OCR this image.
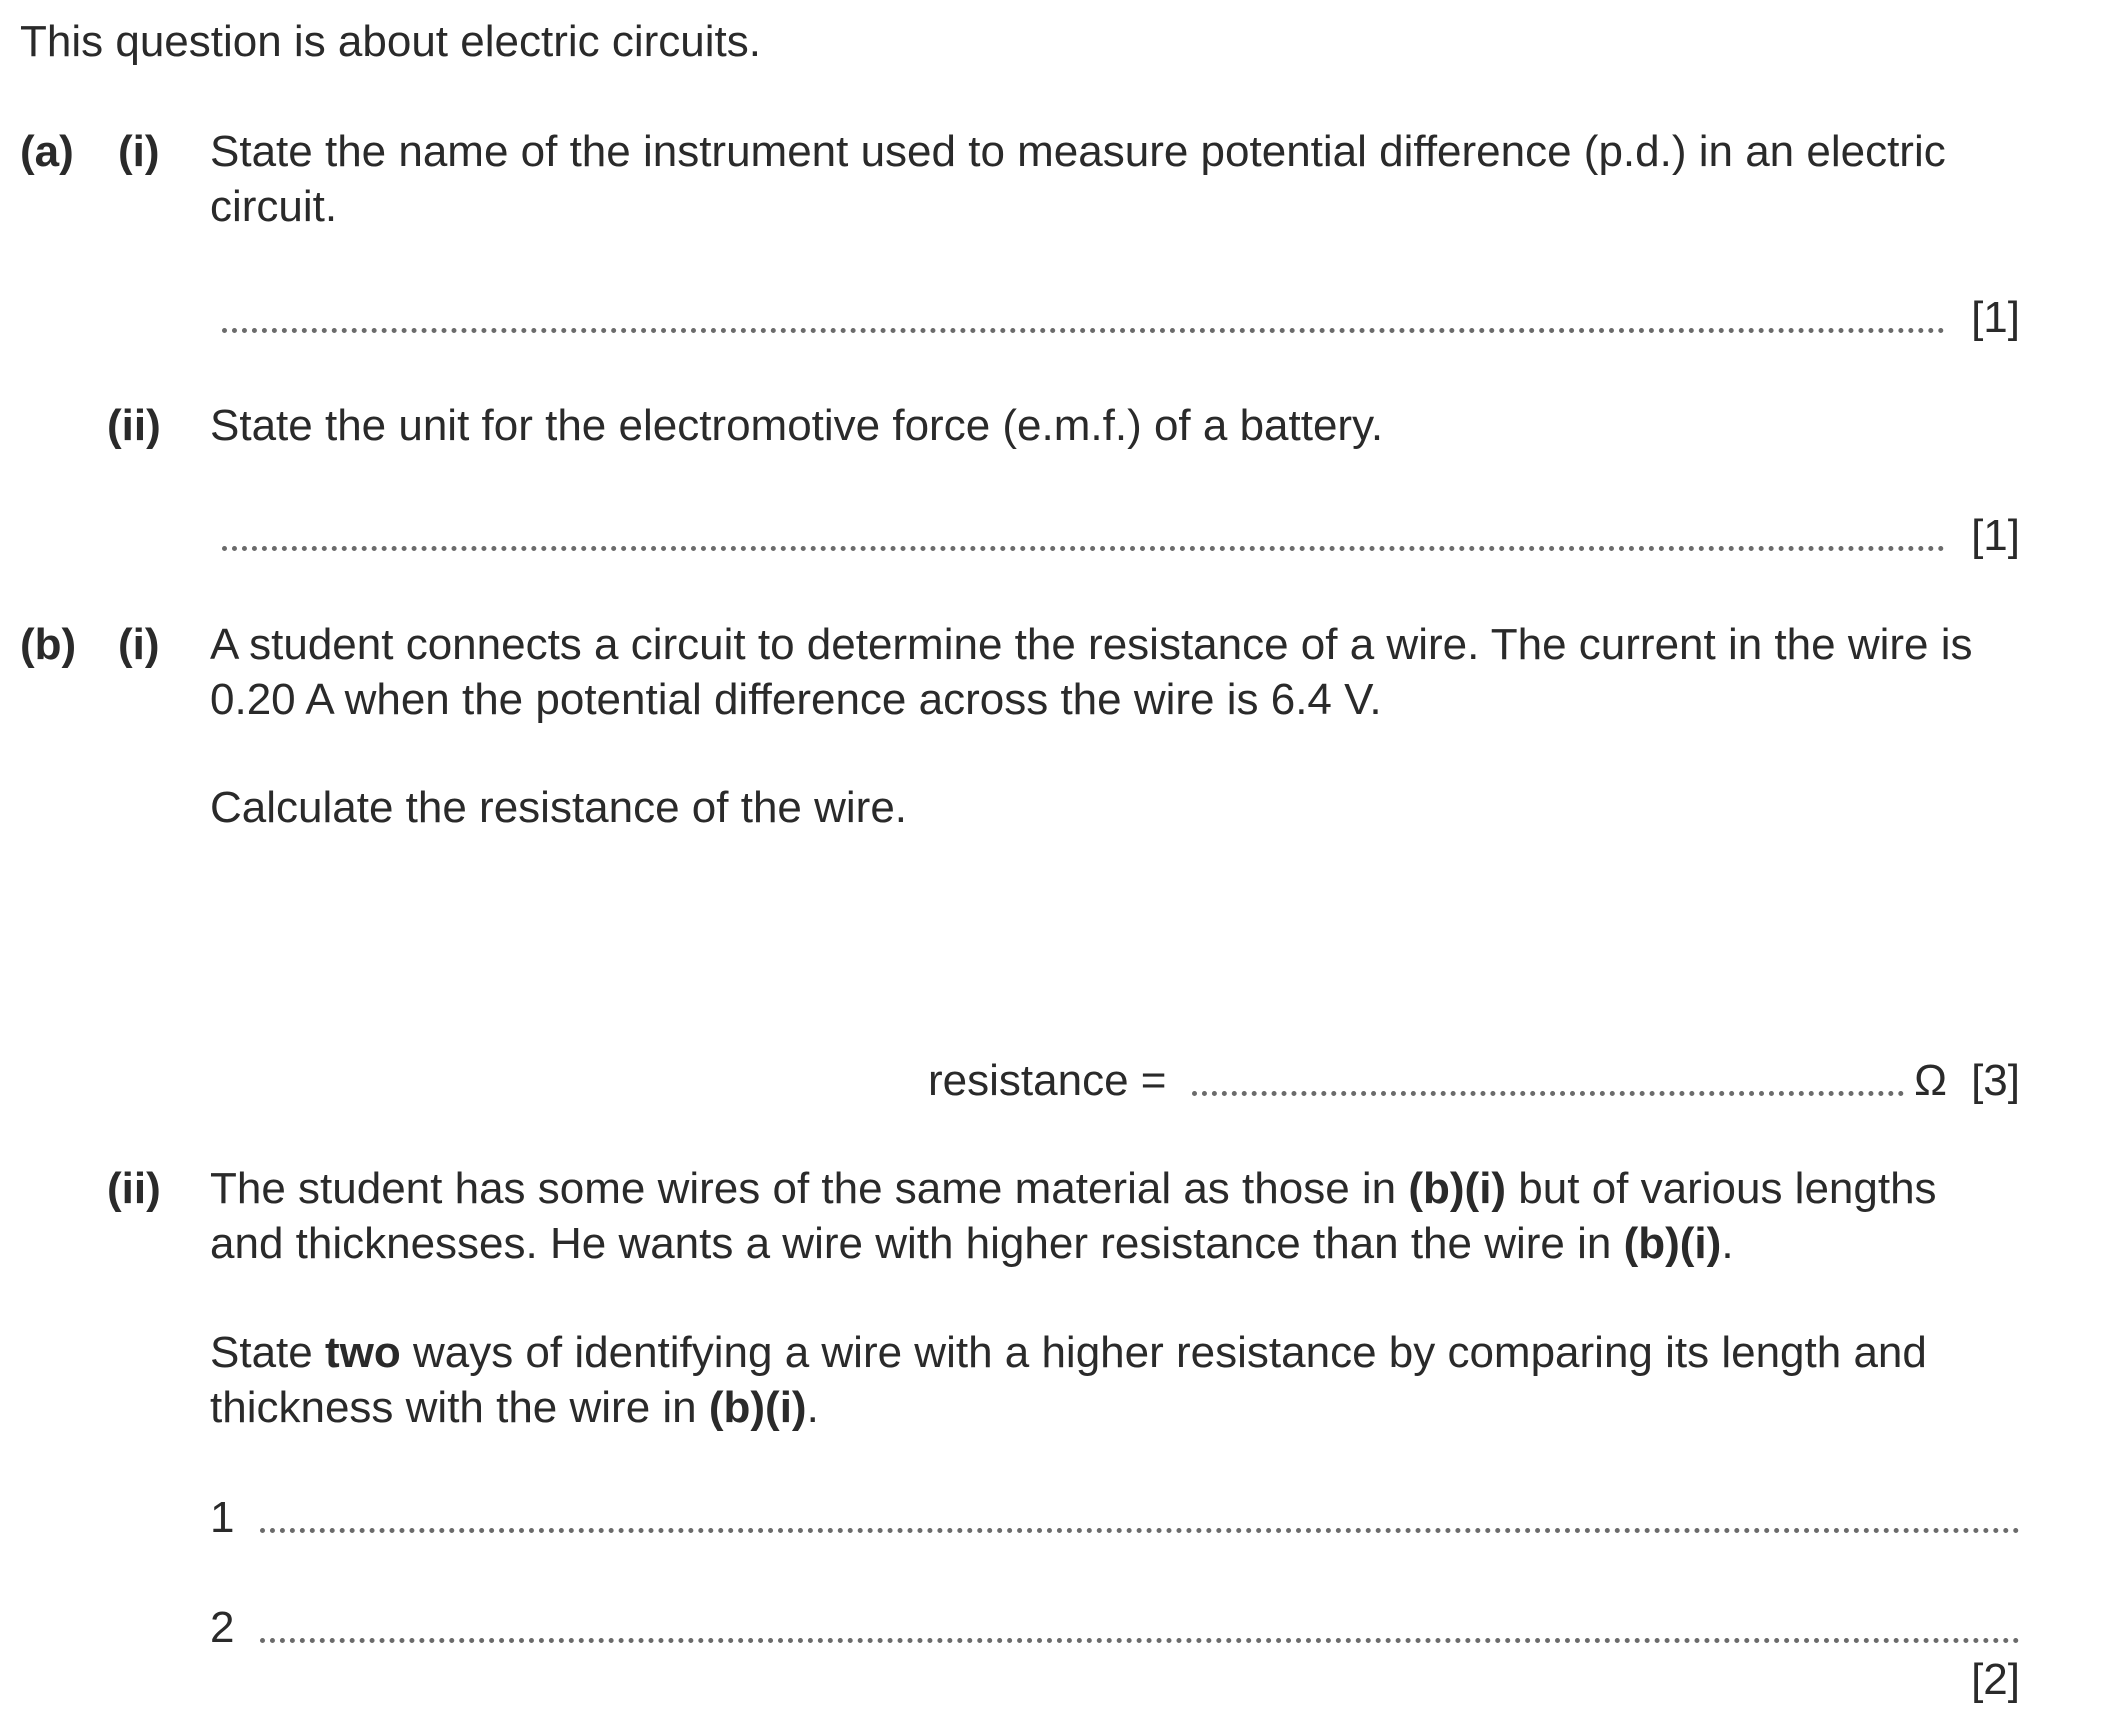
This question is about electric circuits.
(a)	(i)	State the name of the instrument used to measure potential difference (p.d.) in an electric circuit.
[1]
(ii)	State the unit for the electromotive force (e.m.f.) of a battery.
[1]
(b) (i)	A student connects a circuit to determine the resistance of a wire. The current in the wire is 0.20 A when the potential difference across the wire is 6.4 V.
Calculate the resistance of the wire.
resistance =	Ω [3]
(ii)	The student has some wires of the same material as those in (b)(i) but of various lengths and thicknesses. He wants a wire with higher resistance than the wire in (b)(i).
State two ways of identifying a wire with a higher resistance by comparing its length and thickness with the wire in (b)(i).
1
2
[2]
